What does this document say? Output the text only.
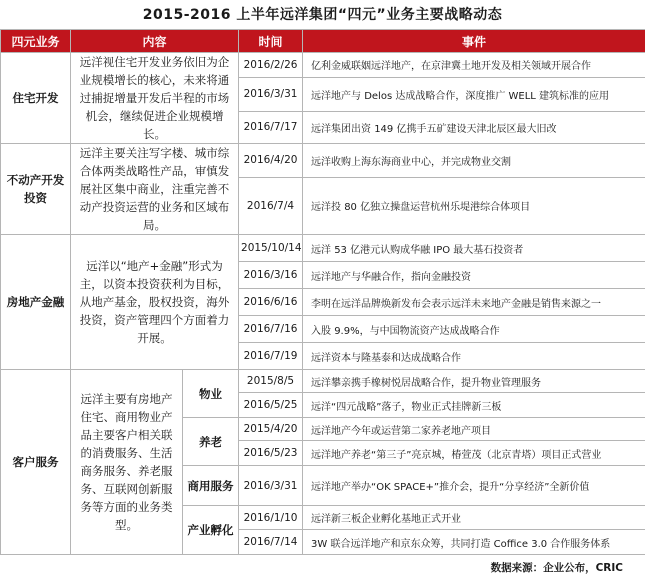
2015-2016 上半年远洋集团“四元”业务主要战略动态
四元业务	内容		时间	事件
住宅开发	远洋视住宅开发业务依旧为企业规模增长的核心，未来将通过捕捉增量开发后半程的市场机会，继续促进企业规模增长。		2016/2/26	亿利金威联姻远洋地产，在京津冀土地开发及相关领域开展合作
			2016/3/31	远洋地产与 Delos 达成战略合作，深度推广 WELL 建筑标准的应用
			2016/7/17	远洋集团出资 149 亿携手五矿建设天津北辰区最大旧改
不动产开发投资	远洋主要关注写字楼、城市综合体两类战略性产品，审慎发展社区集中商业，注重完善不动产投资运营的业务和区域布局。		2016/4/20	远洋收购上海东海商业中心，并完成物业交割
			2016/7/4	远洋投 80 亿独立操盘运营杭州乐堤港综合体项目
房地产金融	远洋以“地产+金融”形式为主，以资本投资获利为目标，从地产基金，股权投资，海外投资，资产管理四个方面着力开展。		2015/10/14	远洋 53 亿港元认购成华融 IPO 最大基石投资者
			2016/3/16	远洋地产与华融合作，指向金融投资
			2016/6/16	李明在远洋品牌焕新发布会表示远洋未来地产金融是销售来源之一
			2016/7/16	入股 9.9%，与中国物流资产达成战略合作
			2016/7/19	远洋资本与隆基泰和达成战略合作
客户服务	远洋主要有房地产住宅、商用物业产品主要客户相关联的消费服务、生活商务服务、养老服务、互联网创新服务等方面的业务类型。	物业	2015/8/5	远洋攀亲携手橡树悦居战略合作，提升物业管理服务
			2016/5/25	远洋“四元战略”落子，物业正式挂牌新三板
		养老	2015/4/20	远洋地产今年或运营第二家养老地产项目
			2016/5/23	远洋地产养老“第三子”亮京城，椿萱茂（北京青塔）项目正式营业
		商用服务	2016/3/31	远洋地产举办“OK SPACE+”推介会，提升“分享经济”全新价值
		产业孵化	2016/1/10	远洋新三板企业孵化基地正式开业
			2016/7/14	3W 联合远洋地产和京东众筹，共同打造 Coffice 3.0 合作服务体系
数据来源：企业公布，CRIC
